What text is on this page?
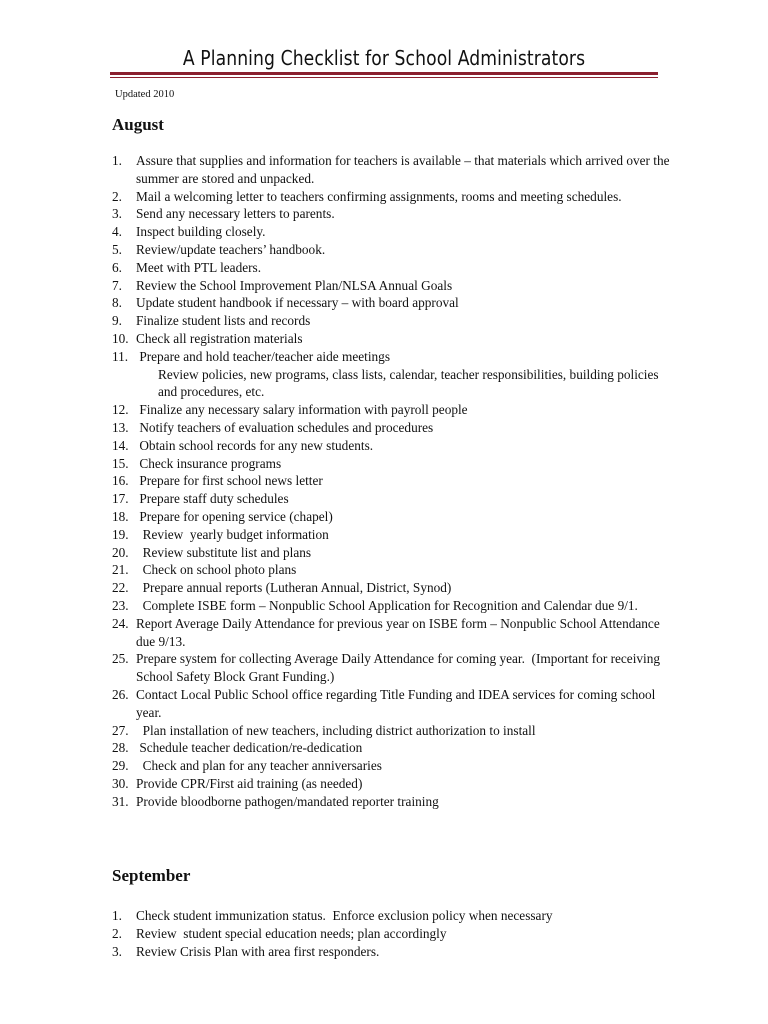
A Planning Checklist for School Administrators
Updated 2010
August
1.	Assure that supplies and information for teachers is available – that materials which arrived over the summer are stored and unpacked.
2.	Mail a welcoming letter to teachers confirming assignments, rooms and meeting schedules.
3.	Send any necessary letters to parents.
4.	Inspect building closely.
5.	Review/update teachers’ handbook.
6.	Meet with PTL leaders.
7.	Review the School Improvement Plan/NLSA Annual Goals
8.	Update student handbook if necessary – with board approval
9.	Finalize student lists and records
10. Check all registration materials
11. Prepare and hold teacher/teacher aide meetings
Review policies, new programs, class lists, calendar, teacher responsibilities, building policies and procedures, etc.
12. Finalize any necessary salary information with payroll people
13. Notify teachers of evaluation schedules and procedures
14. Obtain school records for any new students.
15. Check insurance programs
16. Prepare for first school news letter
17. Prepare staff duty schedules
18. Prepare for opening service (chapel)
19. Review  yearly budget information
20. Review substitute list and plans
21. Check on school photo plans
22. Prepare annual reports (Lutheran Annual, District, Synod)
23. Complete ISBE form – Nonpublic School Application for Recognition and Calendar due 9/1.
24. Report Average Daily Attendance for previous year on ISBE form – Nonpublic School Attendance due 9/13.
25. Prepare system for collecting Average Daily Attendance for coming year.  (Important for receiving School Safety Block Grant Funding.)
26. Contact Local Public School office regarding Title Funding and IDEA services for coming school year.
27. Plan installation of new teachers, including district authorization to install
28. Schedule teacher dedication/re-dedication
29. Check and plan for any teacher anniversaries
30. Provide CPR/First aid training (as needed)
31. Provide bloodborne pathogen/mandated reporter training
September
1.	Check student immunization status.  Enforce exclusion policy when necessary
2.	Review  student special education needs; plan accordingly
3.	Review Crisis Plan with area first responders.
